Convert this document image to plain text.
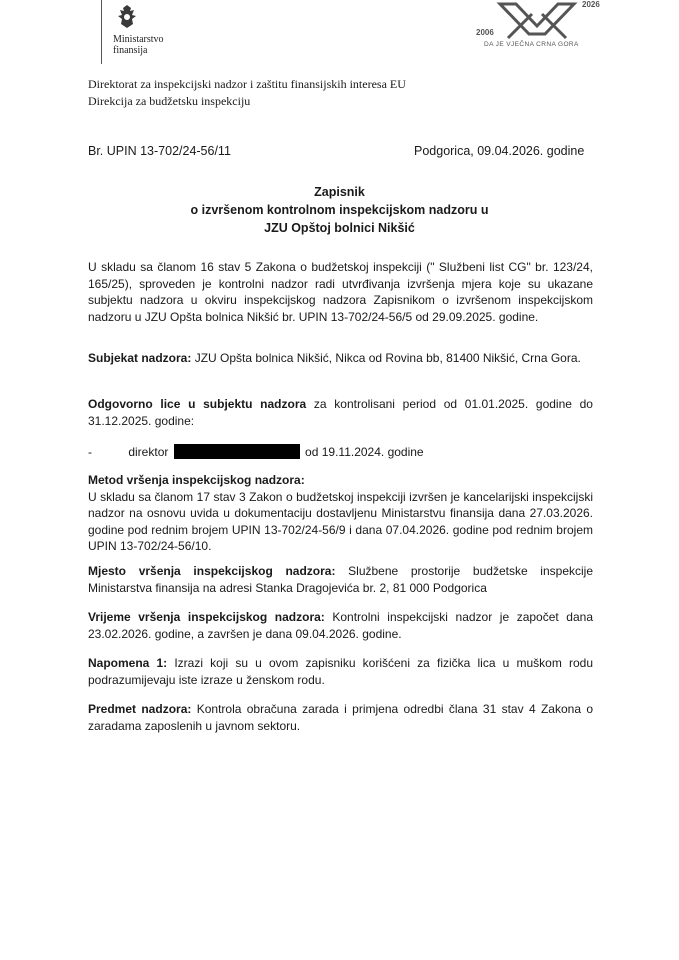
Ministarstvo
finansija
2006
2026
DA JE VJEČNA CRNA GORA
Direktorat za inspekcijski nadzor i zaštitu finansijskih interesa EU
Direkcija za budžetsku inspekciju
Br. UPIN 13-702/24-56/11	Podgorica, 09.04.2026. godine
Zapisnik
o izvršenom kontrolnom inspekcijskom nadzoru u
JZU Opštoj bolnici Nikšić
U skladu sa članom 16 stav 5 Zakona o budžetskoj inspekciji (" Službeni list CG" br. 123/24, 165/25), sproveden je kontrolni nadzor radi utvrđivanja izvršenja mjera koje su ukazane subjektu nadzora u okviru inspekcijskog nadzora Zapisnikom o izvršenom inspekcijskom nadzoru u JZU Opšta bolnica Nikšić br. UPIN 13-702/24-56/5 od 29.09.2025. godine.
Subjekat nadzora: JZU Opšta bolnica Nikšić, Nikca od Rovina bb, 81400 Nikšić, Crna Gora.
Odgovorno lice u subjektu nadzora za kontrolisani period od 01.01.2025. godine do 31.12.2025. godine:
-	direktor	od 19.11.2024. godine
Metod vršenja inspekcijskog nadzora:
U skladu sa članom 17 stav 3 Zakon o budžetskoj inspekciji izvršen je kancelarijski inspekcijski nadzor na osnovu uvida u dokumentaciju dostavljenu Ministarstvu finansija dana 27.03.2026. godine pod rednim brojem UPIN 13-702/24-56/9 i dana 07.04.2026. godine pod rednim brojem UPIN 13-702/24-56/10.
Mjesto vršenja inspekcijskog nadzora: Službene prostorije budžetske inspekcije Ministarstva finansija na adresi Stanka Dragojevića br. 2, 81 000 Podgorica
Vrijeme vršenja inspekcijskog nadzora: Kontrolni inspekcijski nadzor je započet dana 23.02.2026. godine, a završen je dana 09.04.2026. godine.
Napomena 1: Izrazi koji su u ovom zapisniku korišćeni za fizička lica u muškom rodu podrazumijevaju iste izraze u ženskom rodu.
Predmet nadzora: Kontrola obračuna zarada i primjena odredbi člana 31 stav 4 Zakona o zaradama zaposlenih u javnom sektoru.
